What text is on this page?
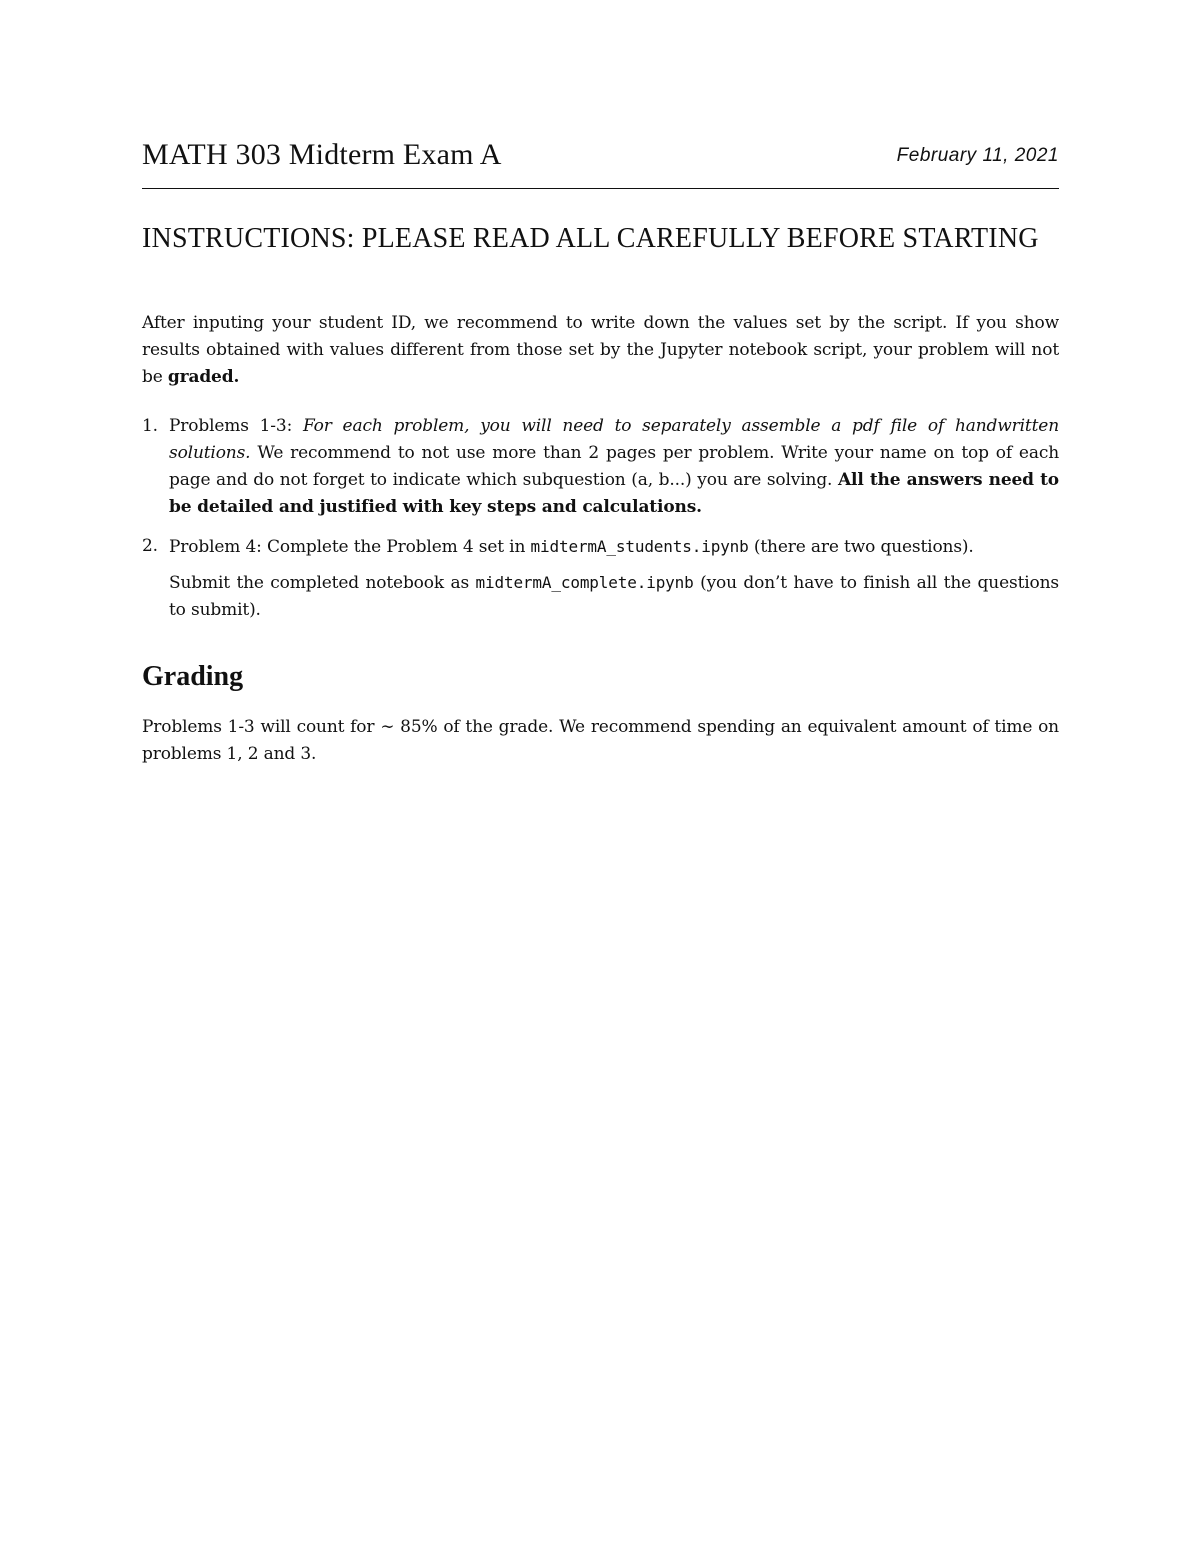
MATH 303 Midterm Exam A	February 11, 2021
INSTRUCTIONS: PLEASE READ ALL CAREFULLY BEFORE STARTING

After inputing your student ID, we recommend to write down the values set by the script. If you show results obtained with values different from those set by the Jupyter notebook script, your problem will not be graded.

1. Problems 1-3: For each problem, you will need to separately assemble a pdf file of handwritten solutions. We recommend to not use more than 2 pages per problem. Write your name on top of each page and do not forget to indicate which subquestion (a, b...) you are solving. All the answers need to be detailed and justified with key steps and calculations.
2. Problem 4: Complete the Problem 4 set in midtermA_students.ipynb (there are two questions).
Submit the completed notebook as midtermA_complete.ipynb (you don’t have to finish all the questions to submit).
Grading

Problems 1-3 will count for ∼ 85% of the grade. We recommend spending an equivalent amount of time on problems 1, 2 and 3.
